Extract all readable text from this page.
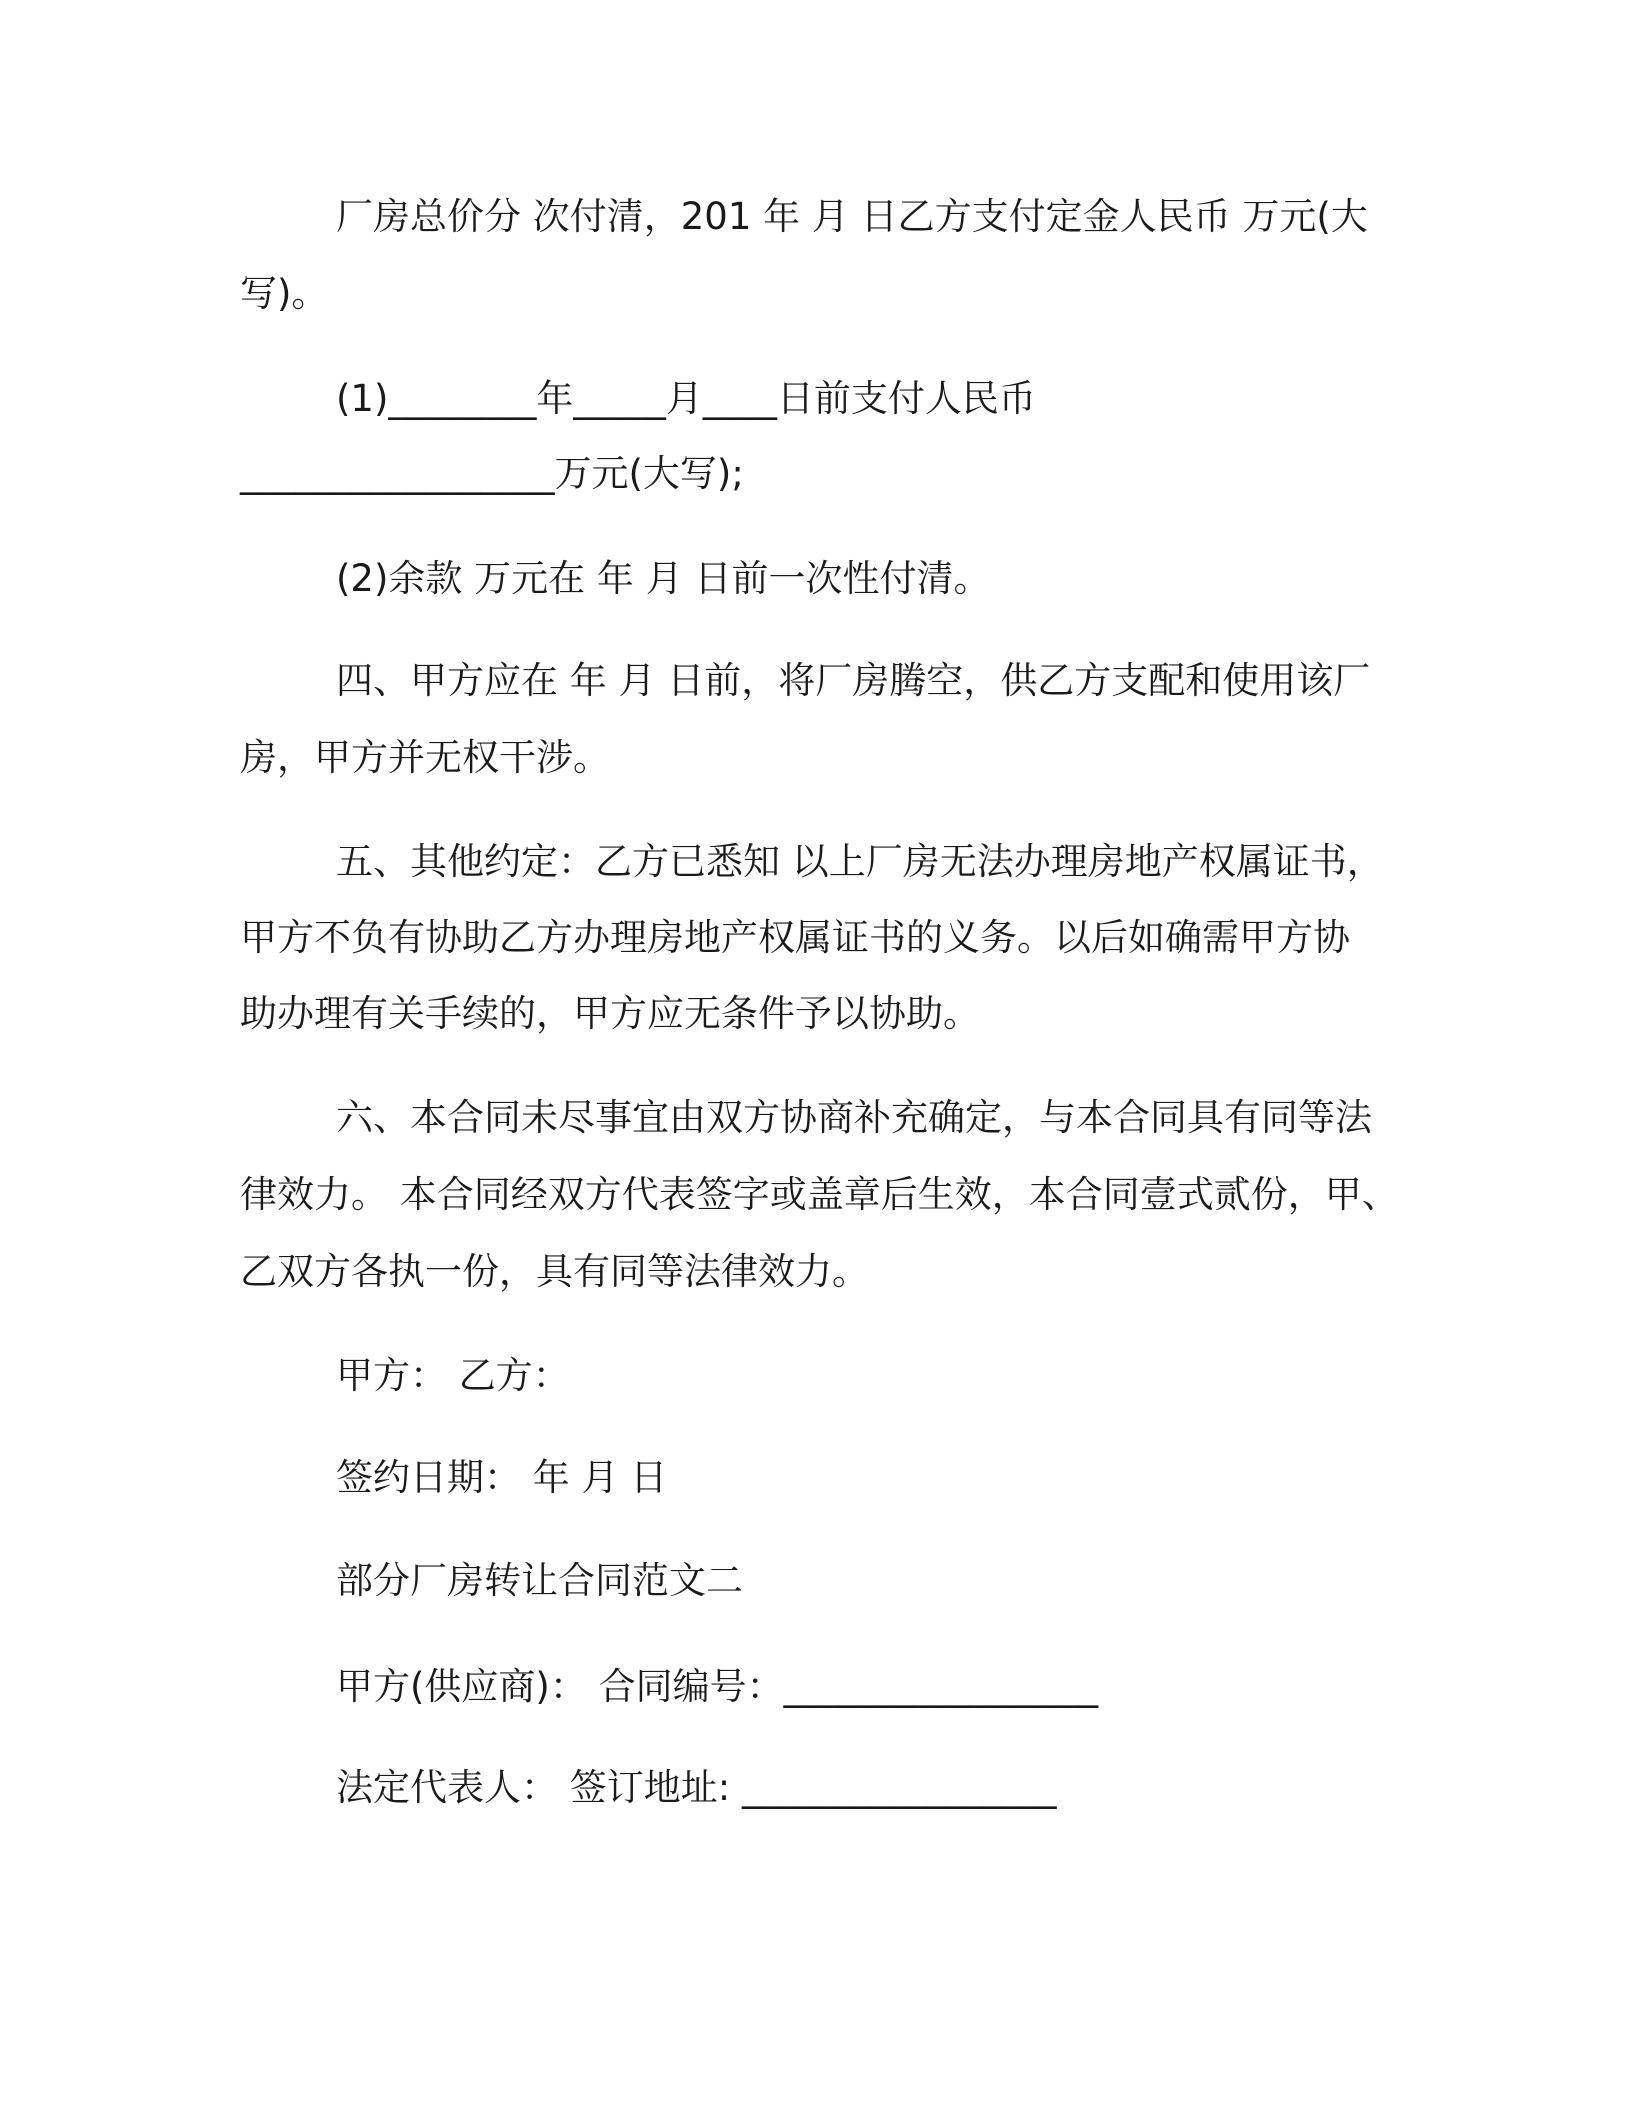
厂房总价分 次付清，201 年 月 日乙方支付定金人民币 万元(大
写)。
(1)________年_____月____日前支付人民币
_________________万元(大写);
(2)余款 万元在 年 月 日前一次性付清。
四、甲方应在 年 月 日前，将厂房腾空，供乙方支配和使用该厂
房，甲方并无权干涉。
五、其他约定：乙方已悉知 以上厂房无法办理房地产权属证书，
甲方不负有协助乙方办理房地产权属证书的义务。以后如确需甲方协
助办理有关手续的，甲方应无条件予以协助。
六、本合同未尽事宜由双方协商补充确定，与本合同具有同等法
律效力。 本合同经双方代表签字或盖章后生效，本合同壹式贰份，甲、
乙双方各执一份，具有同等法律效力。
甲方： 乙方：
签约日期： 年 月 日
部分厂房转让合同范文二
甲方(供应商)： 合同编号：_________________
法定代表人： 签订地址: _________________
